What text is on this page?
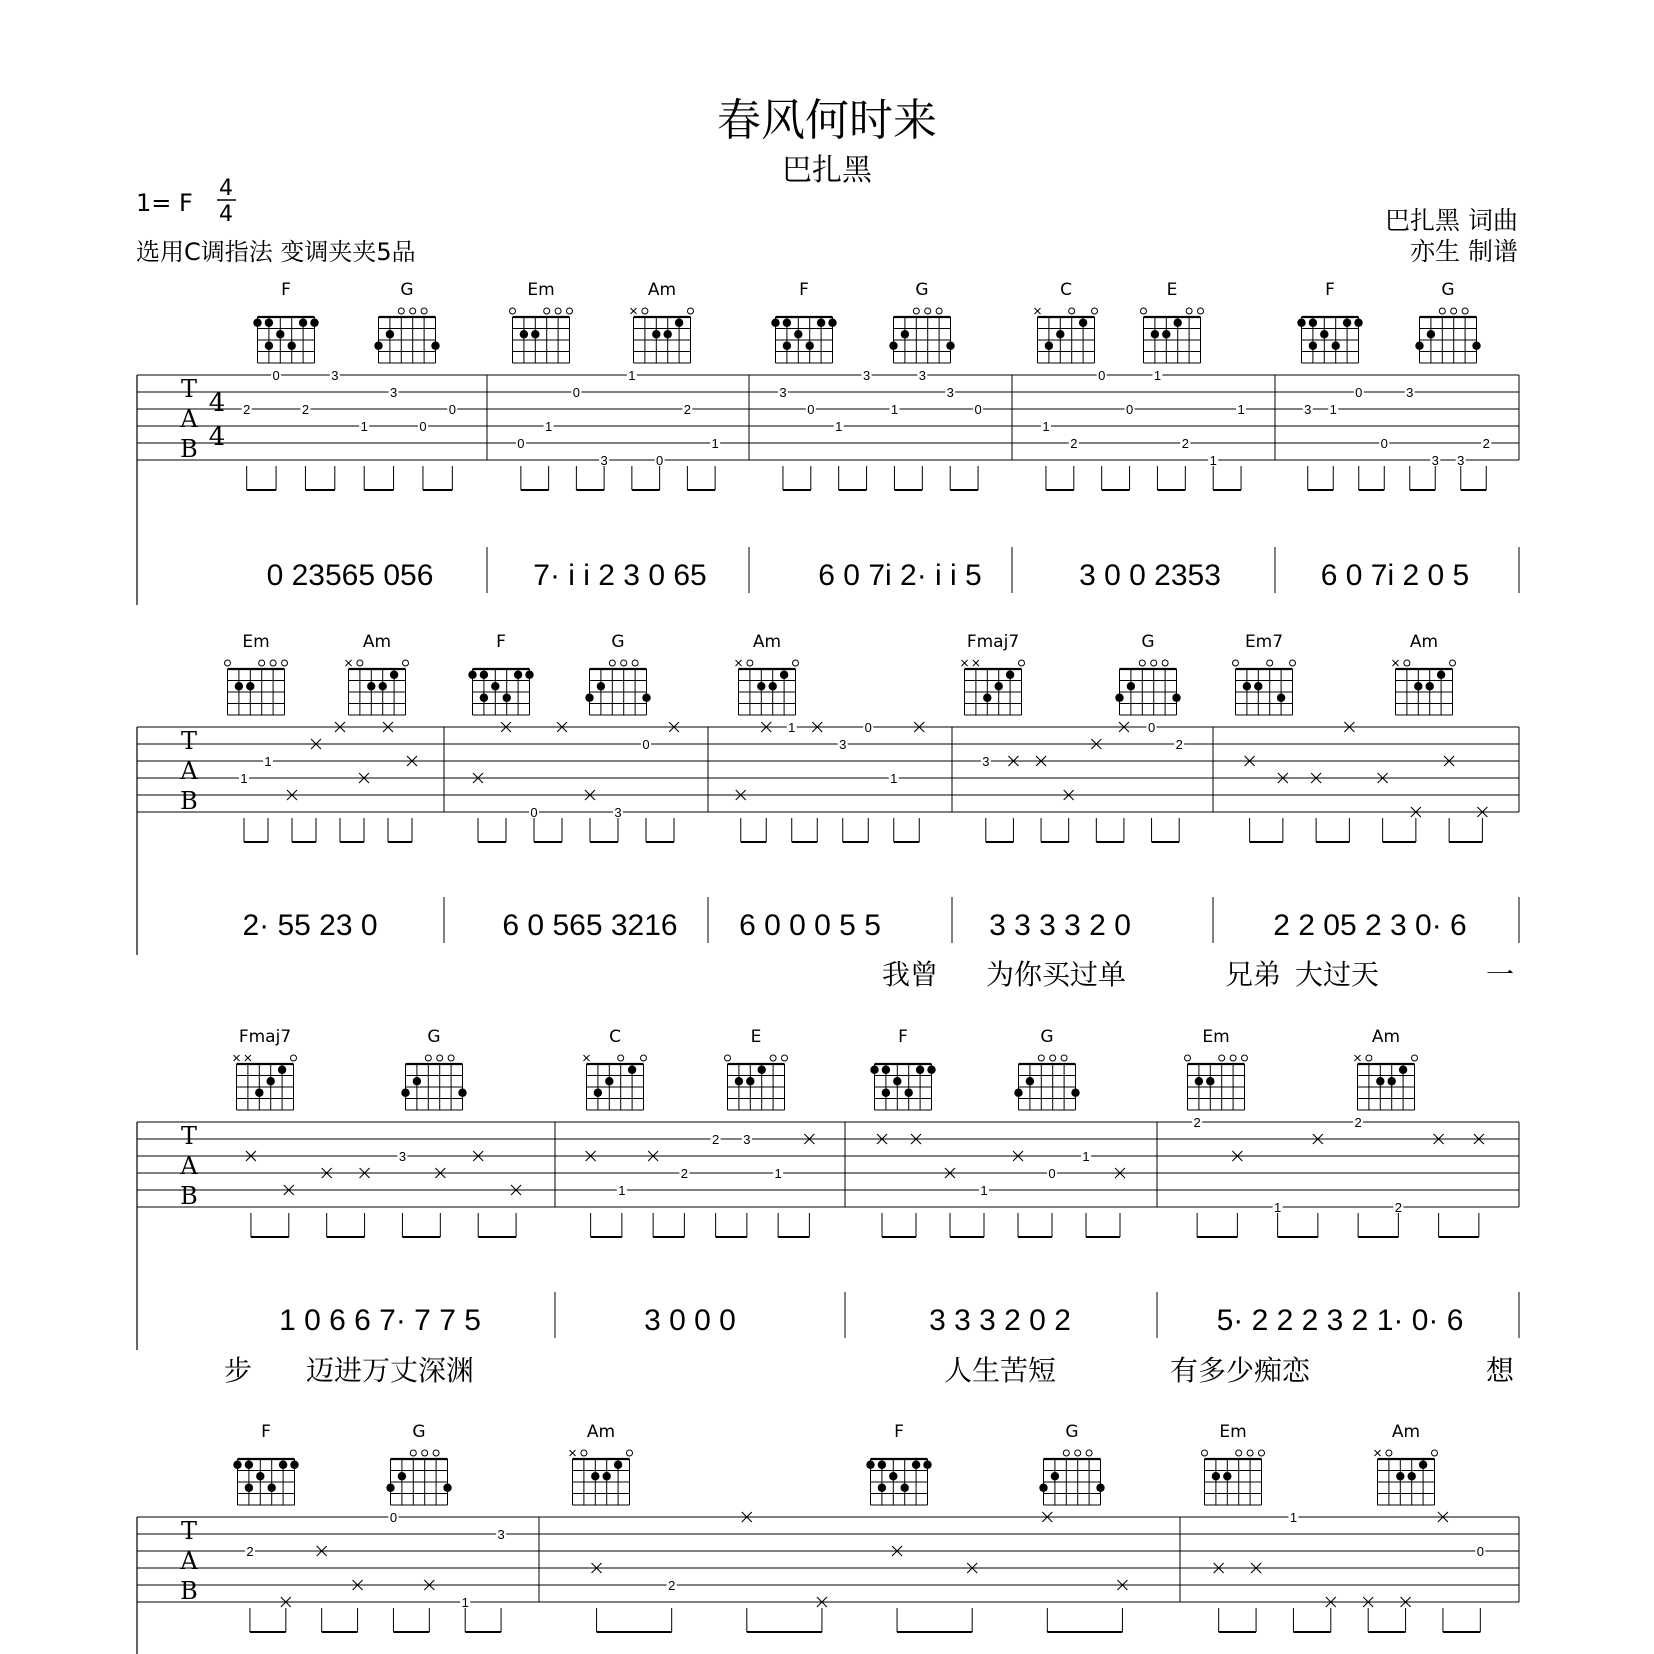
春风何时来
巴扎黑
1= F
4
4
选用C调指法 变调夹夹5品
巴扎黑 词曲
亦生 制谱
T
A
B
4
4
2
0
2
3
1
3
0
0
0
1
0
3
1
0
2
1
3
0
1
3
1
3
3
0
1
2
0
0
1
2
1
1	3 1
0
0
3
3 3
2
0 23565 056	7· i i 2 3 0 65	6 0 7i 2· i i 5	3 0 0 2353	6 0 7i 2 0 5
F	G	Em	Am	F	G	C	E	F	G
T
A
B
1
1
0	3
0
1
3
0
1
3
0
2
2· 55 23 0	6 0 565 3216 6 0 0 0 5 5	3 3 3 3 2 0	2 2 05 2 3 0· 6
我曾 为你买过单	兄弟 大过天	一
Em	Am	F	G	Am	Fmaj7	G	Em7	Am
T
A
B
3
1
2
2 3
1
1
0
1
2
1
2
2
1 0 6 6 7· 7 7 5	3 0 0 0	3 3 3 2 0 2	5· 2 2 2 3 2 1· 0· 6
步 迈进万丈深渊	人生苦短	有多少痴恋	想
Fmaj7	G	C	E	F	G	Em	Am
T
A
B
2
0
1
3
2
1
0
F	G	Am	F	G	Em	Am
